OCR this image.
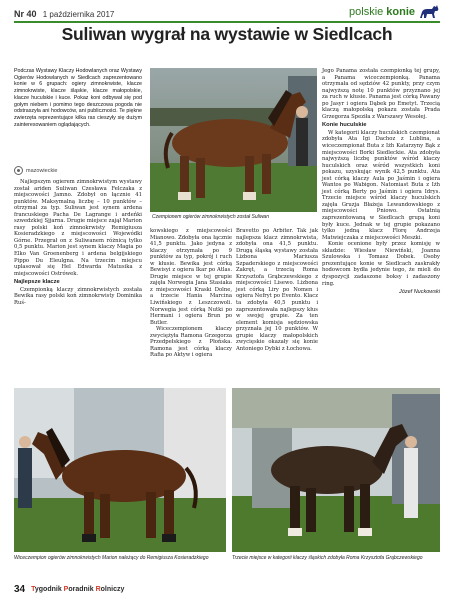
Nr 40 1 października 2017	polskie konie
Suliwan wygrał na wystawie w Siedlcach
Podczas Wystawy Klaczy Hodowlanych oraz Wystawy Ogierów Hodowlanych w Siedlcach zaprezentowano konie w 6 grupach: ogiery zimnokrwiste, klacze zimnokrwiste, klacze śląskie, klacze małopolskie, klacze huculskie i kuce. Pokaz koni odbywał się pod gołym niebem i pomimo tego deszczowa pogoda nie odstraszyła ani hodowców, ani publiczności. Te piękne zwierzęta reprezentujące kilka ras cieszyły się dużym zainteresowaniem oglądających.
mazowieckie

Najlepszym ogierem zimnokrwistym wystawy został ariden Suliwan Czesława Felczaka z miejscowości Jamno. Zdobył on łącznie 41 punktów. Maksymalną liczbę – 10 punktów – otrzymał za typ. Suliwan jest synem ardena francuskiego Pacha De Lagrange i ardeńki szwedzkiej Sjjarna. Drugie miejsce zajął Marion rasy polski koń zimnokrwisty Remigiusza Kosieradzkiego z miejscowości Wojewódki Górne. Przegrał on z Suliwanem różnicą tylko 0,5 punktu. Marion jest synem klaczy Magia po Elko Van Groenenberg i ardena belgijskiego Pippo Du Eleulgna. Na trzecim miejscu uplasował się Hel Edwarda Matusika z miejscowości Ostrówek.

Najlepsze klacze

Czempionką klaczy zimnokrwistych została Bewika rasy polski koń zimnokrwisty Dominika Ruś-

Czempionem ogierów zimnokrwistych został Suliwan

kowskiego z miejscowości Mianowo. Zdobyła ona łącznie 41,5 punktu. Jako jedyna z klaczy otrzymała po 9 punktów za typ, pokrój i ruch w kłusie. Bewika jest córką Bewisyi z ogiera Ikar po Atlas. Drugie miejsce w tej grupie zajęła Norwegia Jana Stasiaka z miejscowości Kraski Dolne, a trzecie Hania Marcina Liwińskiego z Leszczowoli. Norwegia jest córką Nutki po Hermani i ogiera Brun po Butler.

Wiceczempionem klaczy zwyciężyła Ramona Grzegorza Przedpełskiego z Płońska. Ramona jest córką klaczy Rafia po Aktyw i ogiera

Bravetto po Arbiter. Tak jak najlepsza klacz zimnokrwista, zdobyła ona 41,5 punktu. Drugą śląską wystawy została Lizbona Mariusza Szpaderskiego z miejscowości Zakręt, a trzecią Roma Krzysztofa Grąbczewskiego z miejscowości Lisewo. Lizbona jest córką Liry po Nomen i ogiera Nefryt po Evento. Klacz ta zdobyła 40,5 punktu i zaprezentowała najlepszy kłus w swojej grupie. Za ten element komisja sędziowska przyznała jej 10 punktów. W grupie klaczy małopolskich zwycięskie okazały się konie Antoniego Dybki z Łochowa.

Jego Panama została czempionką tej grupy, a Panama wiceczempionką. Panama otrzymała od sędziów 42 punkty, przy czym najwyższą notę 10 punktów przyznano jej za ruch w kłusie. Panama jest córką Pawany po Jasyr i ogiera Dąbek po Emetyt. Trzecią klaczą małopolską pokazu została Prada Grzegorza Speziła z Warszawy Wesołej.

Konie huculskie

W kategorii klaczy huculskich czempionat zdobyła Ata Igi Dachoz z Lublina, a wiceczempionat Buta z Iżh Katarzyny Bąk z miejscowości Borki Siedleckie. Ata zdobyła najwyższą liczbę punktów wśród klaczy huculskich oraz wśród wszystkich koni pokazu, uzyskując wynik 42,5 punktu. Ata jest córką klaczy Aula po Jaśmin i ogiera Wantos po Wabigon. Natomiast Buta z Iżh jest córką Berty po Jaśmin i ogiera Idrys. Trzecie miejsce wśród klaczy huculskich zajęła Gruzja Błażeja Lewandowskiego z miejscowości Pniowo. Ostatnią zaprezentowaną w Siedlcach grupą koni były kuce. Jednak w tej grupie pokazano tylko jedną klacz Florę Andrzeja Matwiejczaka z miejscowości Meszki.

Konie ocenione były przez komisję w składzie: Wiesław Niewiński, Joanna Szulowska i Tomasz Dobek. Osoby prezentujące konie w Siedlcach zaskrakły hodowcom bydła jedynie tego, że mieli do dyspozycji zadaszone boksy i zadaszony ring.

Józef Nuckowski
Wiceczempion ogierów zimnokrwistych Marion należący do Remigiusza Kosieradzkiego	Trzecie miejsce w kategorii klaczy śląskich zdobyła Roma Krzysztofa Grąbczewskiego
34 Tygodnik Poradnik Rolniczy
